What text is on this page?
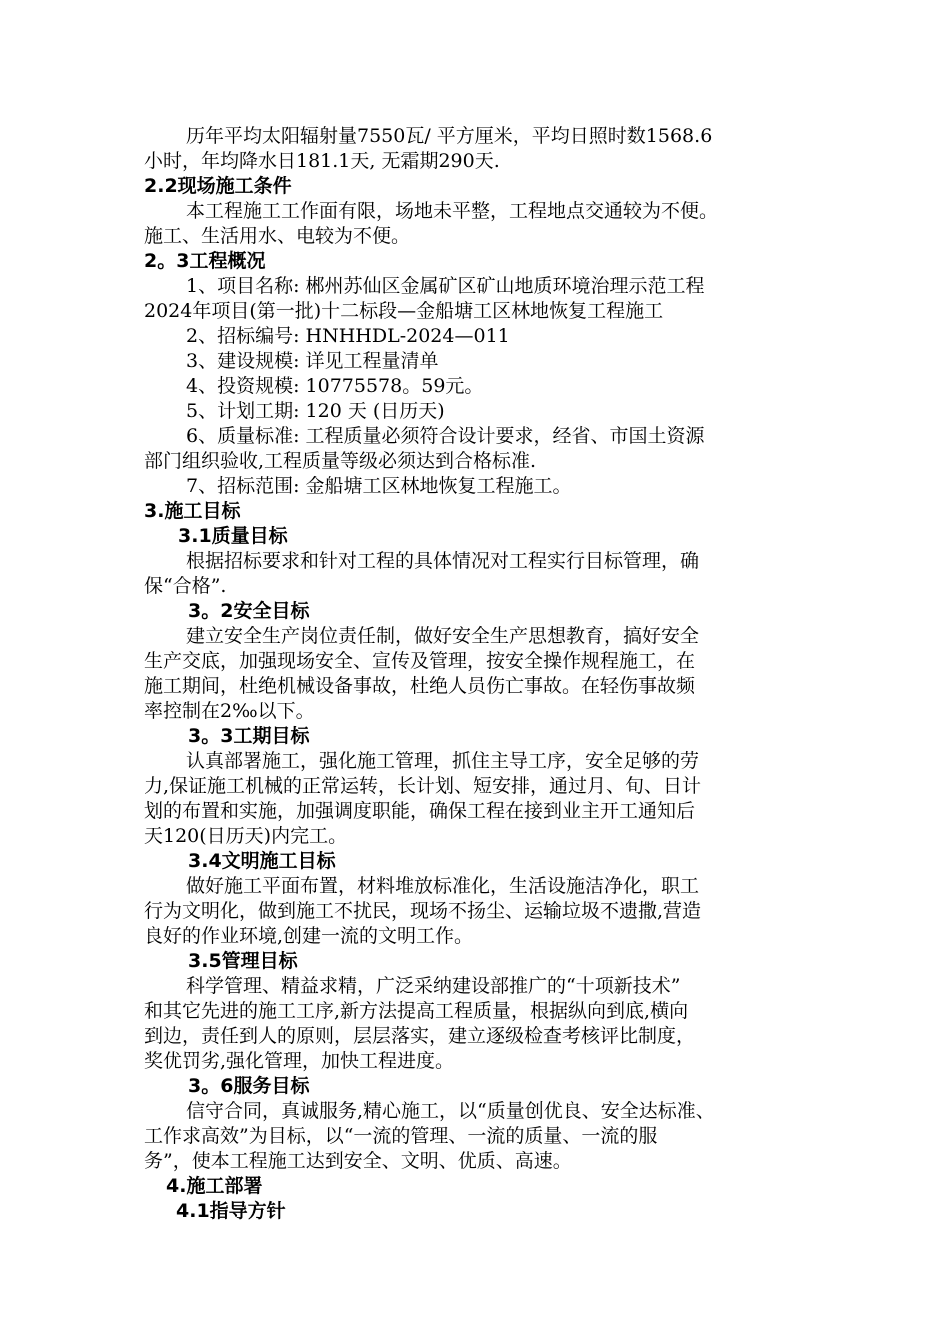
历年平均太阳辐射量7550瓦/ 平方厘米，平均日照时数1568.6
小时，年均降水日181.1天, 无霜期290天.
2.2现场施工条件
本工程施工工作面有限，场地未平整，工程地点交通较为不便。
施工、生活用水、电较为不便。
2。3工程概况
1、项目名称: 郴州苏仙区金属矿区矿山地质环境治理示范工程
2024年项目(第一批)十二标段—金船塘工区林地恢复工程施工
2、招标编号: HNHHDL-2024—011
3、建设规模: 详见工程量清单
4、投资规模: 10775578。59元。
5、计划工期: 120 天 (日历天)
6、质量标准: 工程质量必须符合设计要求，经省、市国土资源
部门组织验收,工程质量等级必须达到合格标准.
7、招标范围: 金船塘工区林地恢复工程施工。
3.施工目标
3.1质量目标
根据招标要求和针对工程的具体情况对工程实行目标管理，确
保“合格”.
3。2安全目标
建立安全生产岗位责任制，做好安全生产思想教育，搞好安全
生产交底，加强现场安全、宣传及管理，按安全操作规程施工，在
施工期间，杜绝机械设备事故，杜绝人员伤亡事故。在轻伤事故频
率控制在2‰以下。
3。3工期目标
认真部署施工，强化施工管理，抓住主导工序，安全足够的劳
力,保证施工机械的正常运转，长计划、短安排，通过月、旬、日计
划的布置和实施，加强调度职能，确保工程在接到业主开工通知后
天120(日历天)内完工。
3.4文明施工目标
做好施工平面布置，材料堆放标准化，生活设施洁净化，职工
行为文明化，做到施工不扰民，现场不扬尘、运输垃圾不遗撒,营造
良好的作业环境,创建一流的文明工作。
3.5管理目标
科学管理、精益求精，广泛采纳建设部推广的“十项新技术”
和其它先进的施工工序,新方法提高工程质量，根据纵向到底,横向
到边，责任到人的原则，层层落实，建立逐级检查考核评比制度，
奖优罚劣,强化管理，加快工程进度。
3。6服务目标
信守合同，真诚服务,精心施工，以“质量创优良、安全达标准、
工作求高效”为目标，以“一流的管理、一流的质量、一流的服
务”，使本工程施工达到安全、文明、优质、高速。
4.施工部署
4.1指导方针
